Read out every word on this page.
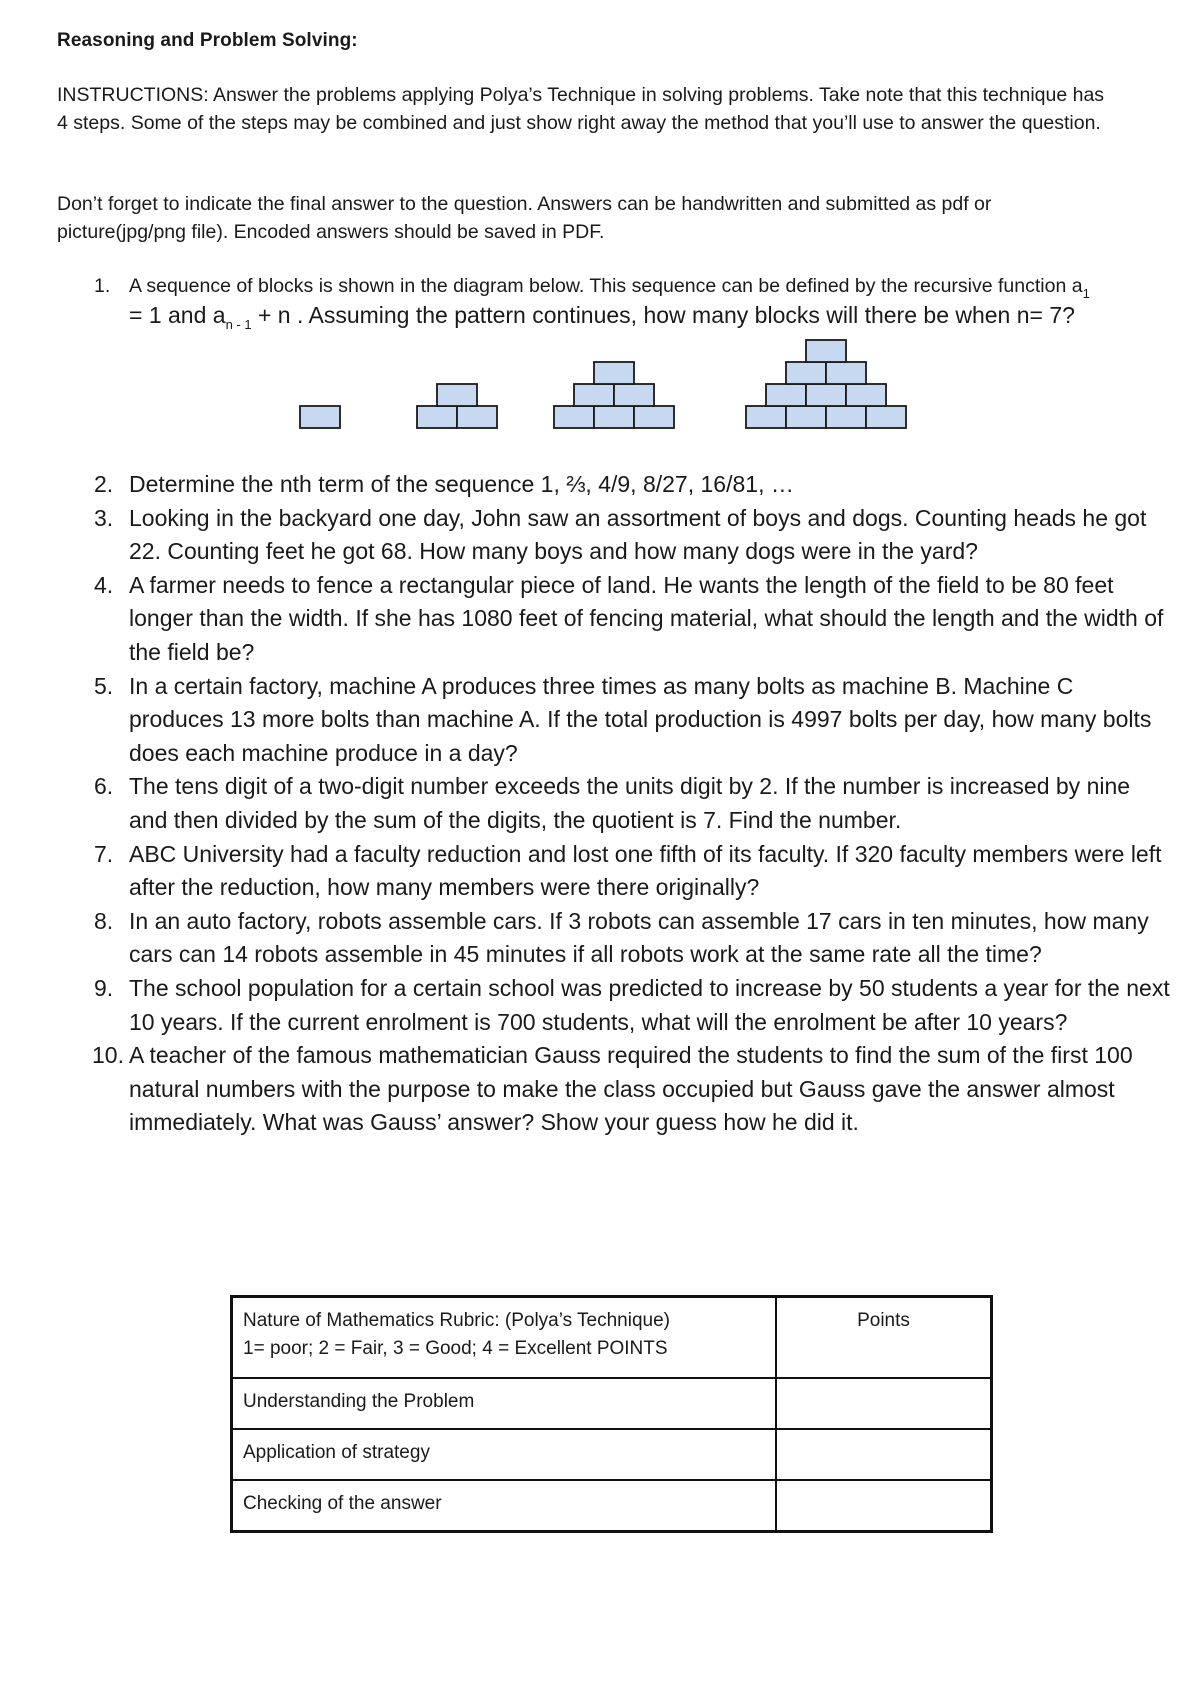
Reasoning and Problem Solving:
INSTRUCTIONS: Answer the problems applying Polya’s Technique in solving problems. Take note that this technique has 4 steps. Some of the steps may be combined and just show right away the method that you’ll use to answer the question.
Don’t forget to indicate the final answer to the question. Answers can be handwritten and submitted as pdf or picture(jpg/png file). Encoded answers should be saved in PDF.
1. A sequence of blocks is shown in the diagram below. This sequence can be defined by the recursive function $a_1$
= 1 and $a_{n - 1} + n$ . Assuming the pattern continues, how many blocks will there be when n= 7?
2. Determine the nth term of the sequence 1, ⅔, 4/9, 8/27, 16/81, …
3. Looking in the backyard one day, John saw an assortment of boys and dogs. Counting heads he got 22. Counting feet he got 68. How many boys and how many dogs were in the yard?
4. A farmer needs to fence a rectangular piece of land. He wants the length of the field to be 80 feet longer than the width. If she has 1080 feet of fencing material, what should the length and the width of the field be?
5. In a certain factory, machine A produces three times as many bolts as machine B. Machine C produces 13 more bolts than machine A. If the total production is 4997 bolts per day, how many bolts does each machine produce in a day?
6. The tens digit of a two-digit number exceeds the units digit by 2. If the number is increased by nine and then divided by the sum of the digits, the quotient is 7. Find the number.
7. ABC University had a faculty reduction and lost one fifth of its faculty. If 320 faculty members were left after the reduction, how many members were there originally?
8. In an auto factory, robots assemble cars. If 3 robots can assemble 17 cars in ten minutes, how many cars can 14 robots assemble in 45 minutes if all robots work at the same rate all the time?
9. The school population for a certain school was predicted to increase by 50 students a year for the next 10 years. If the current enrolment is 700 students, what will the enrolment be after 10 years?
10. A teacher of the famous mathematician Gauss required the students to find the sum of the first 100 natural numbers with the purpose to make the class occupied but Gauss gave the answer almost immediately. What was Gauss’ answer? Show your guess how he did it.
Nature of Mathematics Rubric: (Polya’s Technique)
1= poor; 2 = Fair, 3 = Good; 4 = Excellent POINTS	Points
Understanding the Problem	
Application of strategy	
Checking of the answer	
